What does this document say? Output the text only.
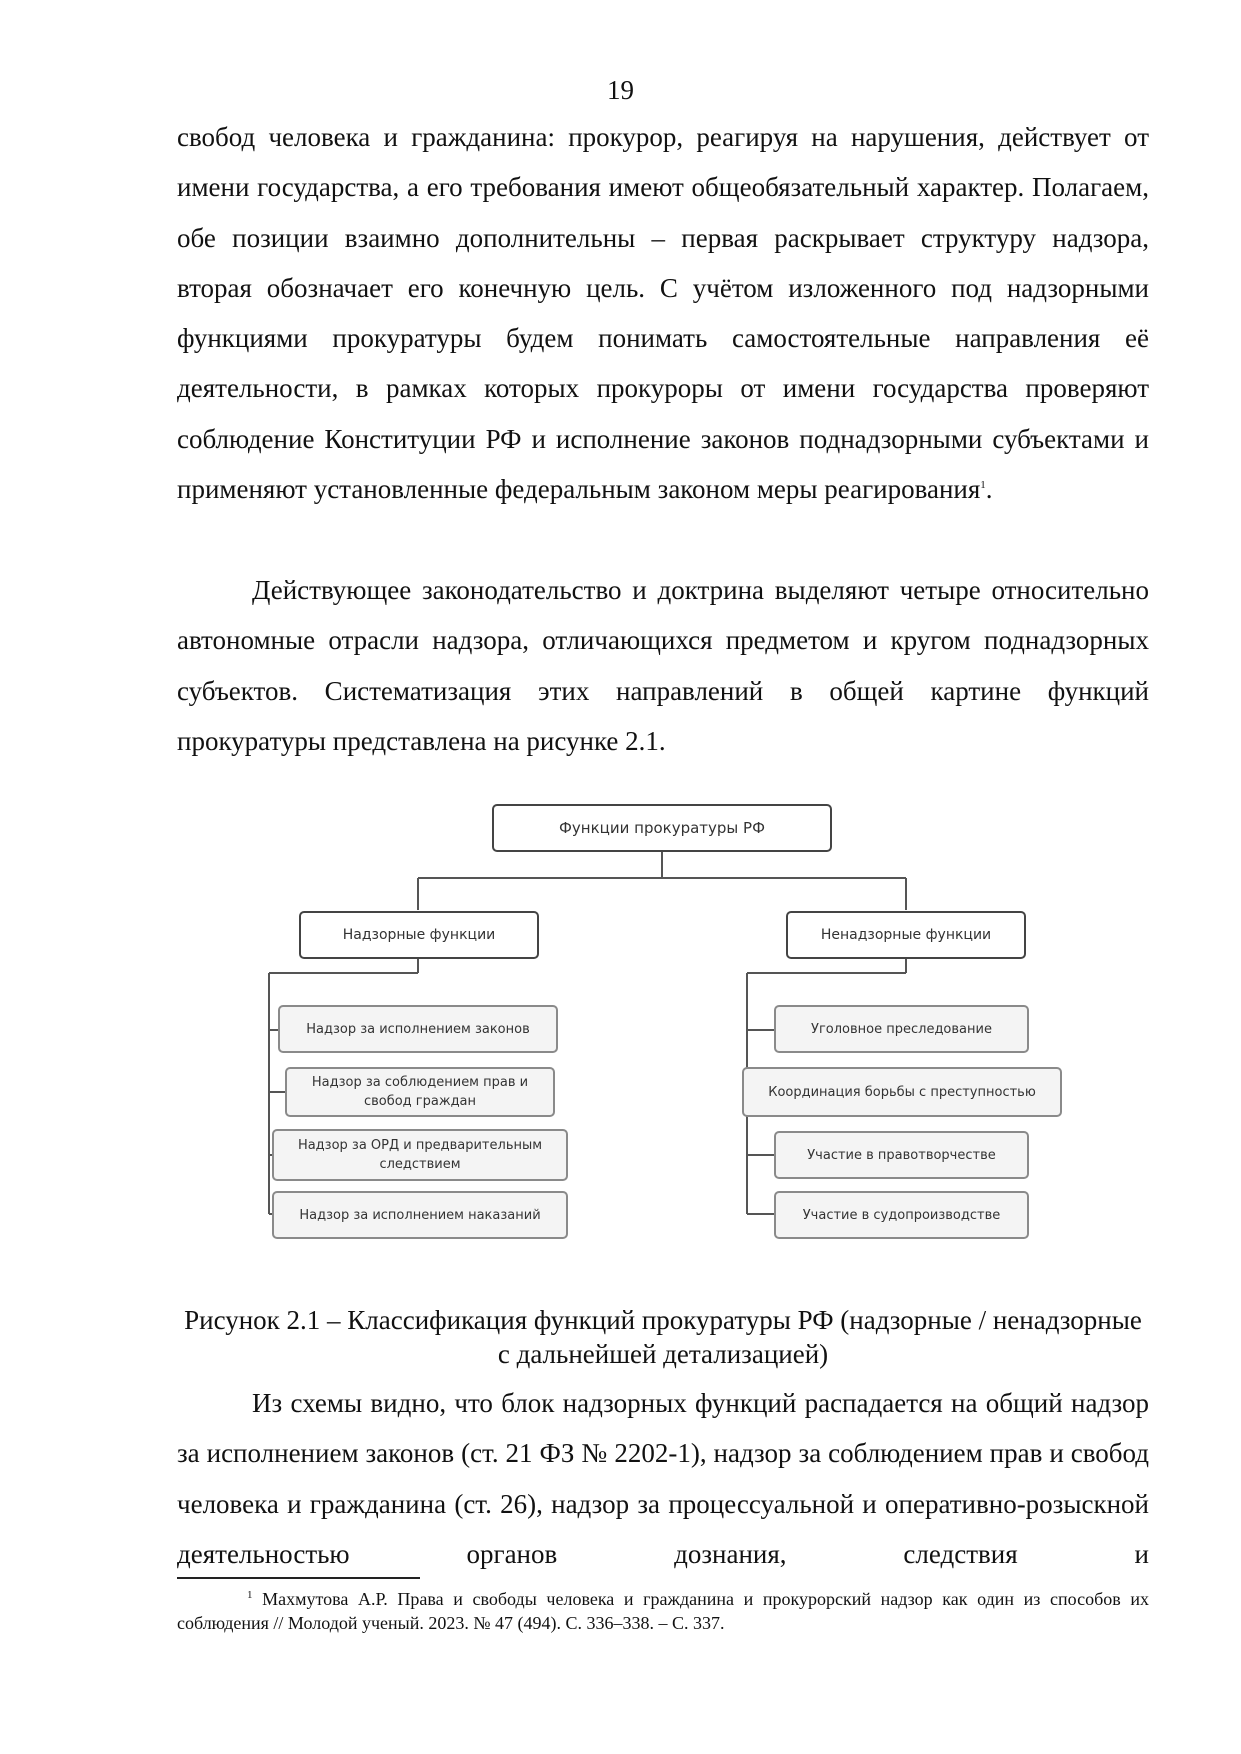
19

свобод человека и гражданина: прокурор, реагируя на нарушения, действует от имени государства, а его требования имеют общеобязательный характер. Полагаем, обе позиции взаимно дополнительны – первая раскрывает структуру надзора, вторая обозначает его конечную цель. С учётом изложенного под надзорными функциями прокуратуры будем понимать самостоятельные направления её деятельности, в рамках которых прокуроры от имени государства проверяют соблюдение Конституции РФ и исполнение законов поднадзорными субъектами и применяют установленные федеральным законом меры реагирования$^1$.

Действующее законодательство и доктрина выделяют четыре относительно автономные отрасли надзора, отличающихся предметом и кругом поднадзорных субъектов. Систематизация этих направлений в общей картине функций прокуратуры представлена на рисунке 2.1.

Функции прокуратуры РФ
Надзорные функции	Ненадзорные функции
Надзор за исполнением законов
Надзор за соблюдением прав и свобод граждан
Надзор за ОРД и предварительным следствием
Надзор за исполнением наказаний
Уголовное преследование
Координация борьбы с преступностью
Участие в правотворчестве
Участие в судопроизводстве

Рисунок 2.1 – Классификация функций прокуратуры РФ (надзорные / ненадзорные с дальнейшей детализацией)

Из схемы видно, что блок надзорных функций распадается на общий надзор за исполнением законов (ст. 21 ФЗ № 2202-1), надзор за соблюдением прав и свобод человека и гражданина (ст. 26), надзор за процессуальной и оперативно-розыскной деятельностью органов дознания, следствия и

$^1$ Махмутова А.Р. Права и свободы человека и гражданина и прокурорский надзор как один из способов их соблюдения // Молодой ученый. 2023. № 47 (494). С. 336–338. – С. 337.
